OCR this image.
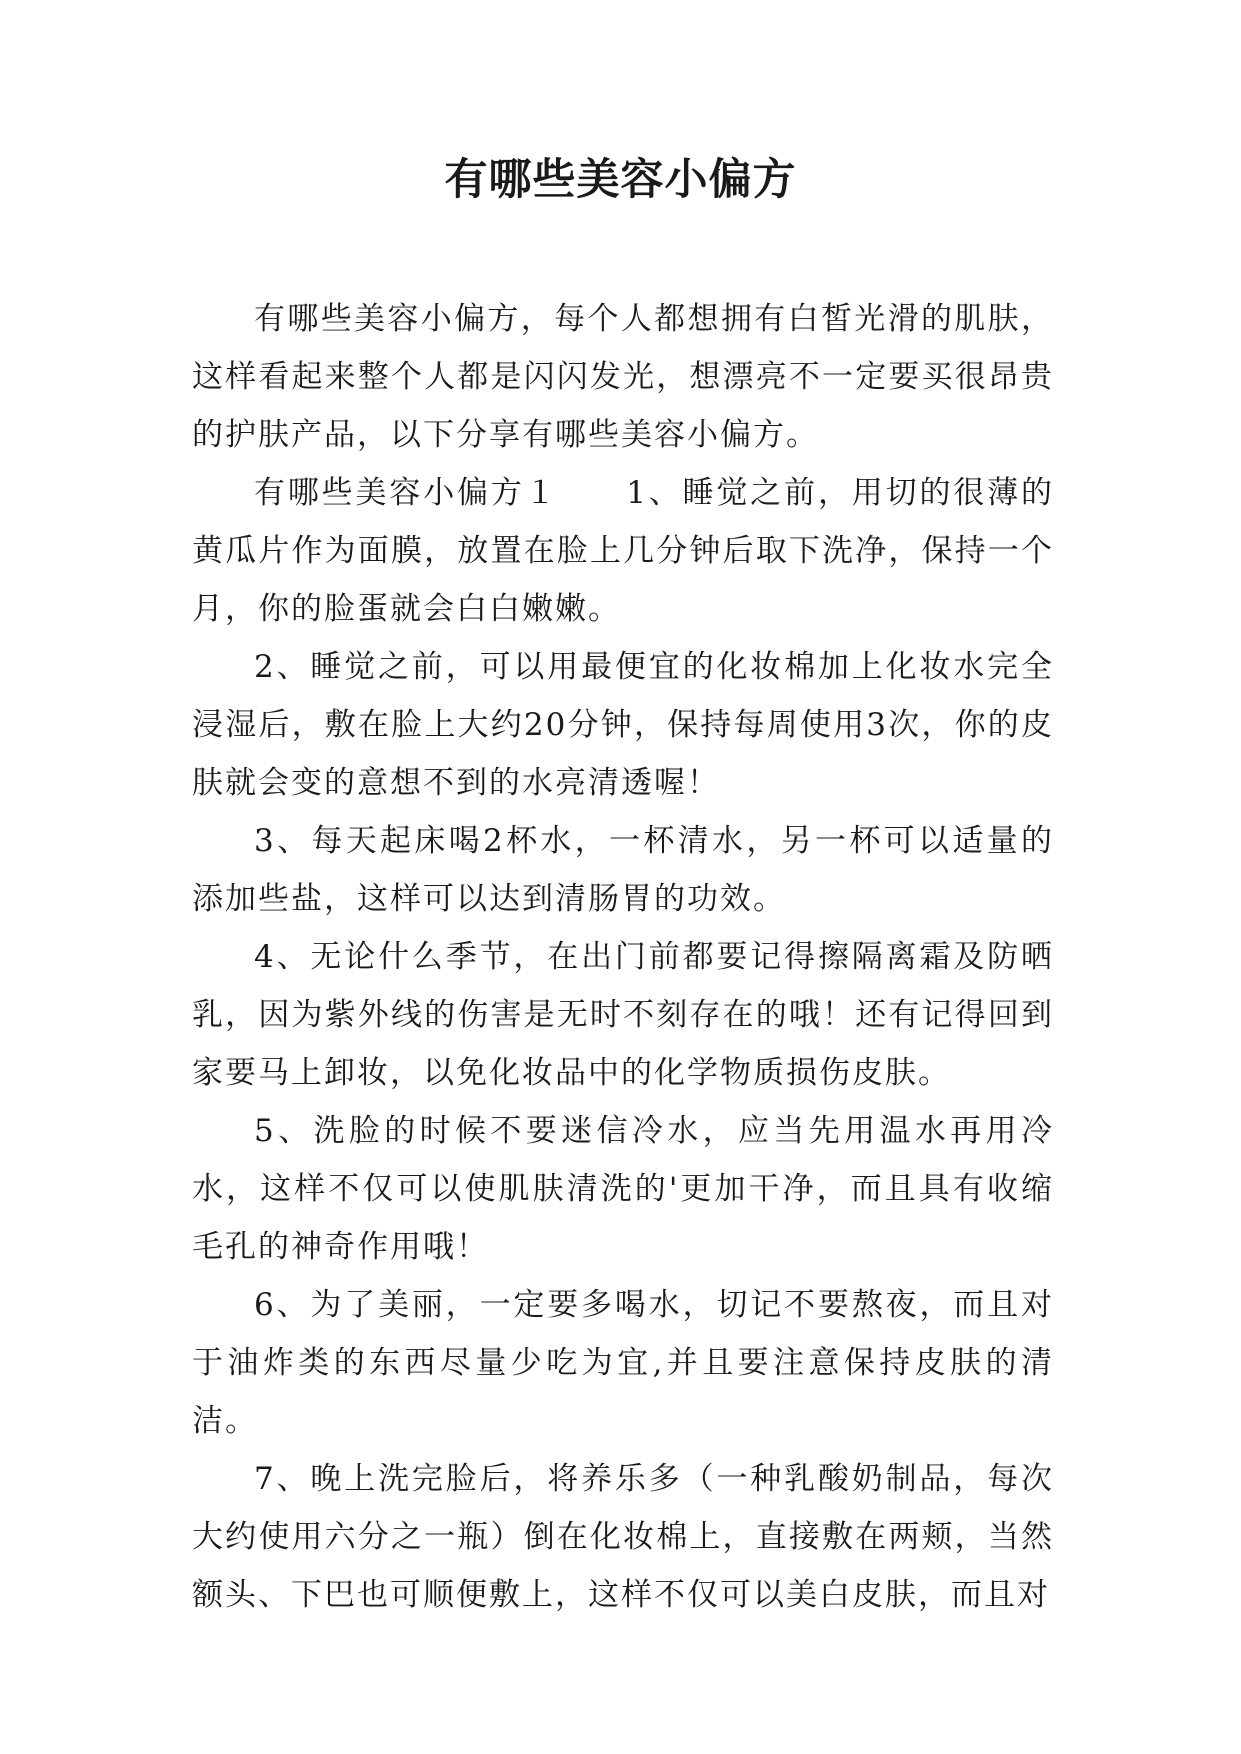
有哪些美容小偏方

有哪些美容小偏方，每个人都想拥有白皙光滑的肌肤，这样看起来整个人都是闪闪发光，想漂亮不一定要买很昂贵的护肤产品，以下分享有哪些美容小偏方。

有哪些美容小偏方１　　1、睡觉之前，用切的很薄的黄瓜片作为面膜，放置在脸上几分钟后取下洗净，保持一个月，你的脸蛋就会白白嫩嫩。

2、睡觉之前，可以用最便宜的化妆棉加上化妆水完全浸湿后，敷在脸上大约20分钟，保持每周使用3次，你的皮肤就会变的意想不到的水亮清透喔！

3、每天起床喝2杯水，一杯清水，另一杯可以适量的添加些盐，这样可以达到清肠胃的功效。

4、无论什么季节，在出门前都要记得擦隔离霜及防晒乳，因为紫外线的伤害是无时不刻存在的哦！还有记得回到家要马上卸妆，以免化妆品中的化学物质损伤皮肤。

5、洗脸的时候不要迷信冷水，应当先用温水再用冷水，这样不仅可以使肌肤清洗的'更加干净，而且具有收缩毛孔的神奇作用哦！

6、为了美丽，一定要多喝水，切记不要熬夜，而且对于油炸类的东西尽量少吃为宜,并且要注意保持皮肤的清洁。

7、晚上洗完脸后，将养乐多（一种乳酸奶制品，每次大约使用六分之一瓶）倒在化妆棉上，直接敷在两颊，当然额头、下巴也可顺便敷上，这样不仅可以美白皮肤，而且对
